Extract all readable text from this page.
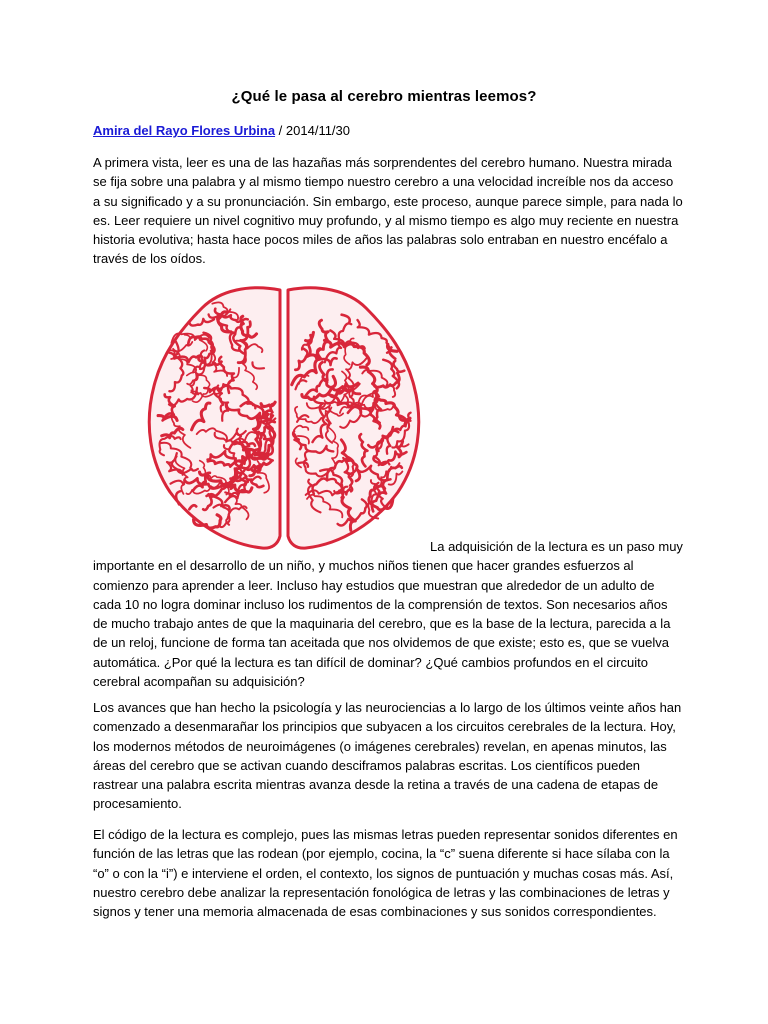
¿Qué le pasa al cerebro mientras leemos?
Amira del Rayo Flores Urbina / 2014/11/30
A primera vista, leer es una de las hazañas más sorprendentes del cerebro humano. Nuestra mirada se fija sobre una palabra y al mismo tiempo nuestro cerebro a una velocidad increíble nos da acceso a su significado y a su pronunciación. Sin embargo, este proceso, aunque parece simple, para nada lo es. Leer requiere un nivel cognitivo muy profundo, y al mismo tiempo es algo muy reciente en nuestra historia evolutiva; hasta hace pocos miles de años las palabras solo entraban en nuestro encéfalo a través de los oídos.
La adquisición de la lectura es un paso muy importante en el desarrollo de un niño, y muchos niños tienen que hacer grandes esfuerzos al comienzo para aprender a leer. Incluso hay estudios que muestran que alrededor de un adulto de cada 10 no logra dominar incluso los rudimentos de la comprensión de textos. Son necesarios años de mucho trabajo antes de que la maquinaria del cerebro, que es la base de la lectura, parecida a la de un reloj, funcione de forma tan aceitada que nos olvidemos de que existe; esto es, que se vuelva automática. ¿Por qué la lectura es tan difícil de dominar? ¿Qué cambios profundos en el circuito cerebral acompañan su adquisición?
Los avances que han hecho la psicología y las neurociencias a lo largo de los últimos veinte años han comenzado a desenmarañar los principios que subyacen a los circuitos cerebrales de la lectura. Hoy, los modernos métodos de neuroimágenes (o imágenes cerebrales) revelan, en apenas minutos, las áreas del cerebro que se activan cuando desciframos palabras escritas. Los científicos pueden rastrear una palabra escrita mientras avanza desde la retina a través de una cadena de etapas de procesamiento.
El código de la lectura es complejo, pues las mismas letras pueden representar sonidos diferentes en función de las letras que las rodean (por ejemplo, cocina, la “c” suena diferente si hace sílaba con la “o” o con la “i”) e interviene el orden, el contexto, los signos de puntuación y muchas cosas más. Así, nuestro cerebro debe analizar la representación fonológica de letras y las combinaciones de letras y signos y tener una memoria almacenada de esas combinaciones y sus sonidos correspondientes.
